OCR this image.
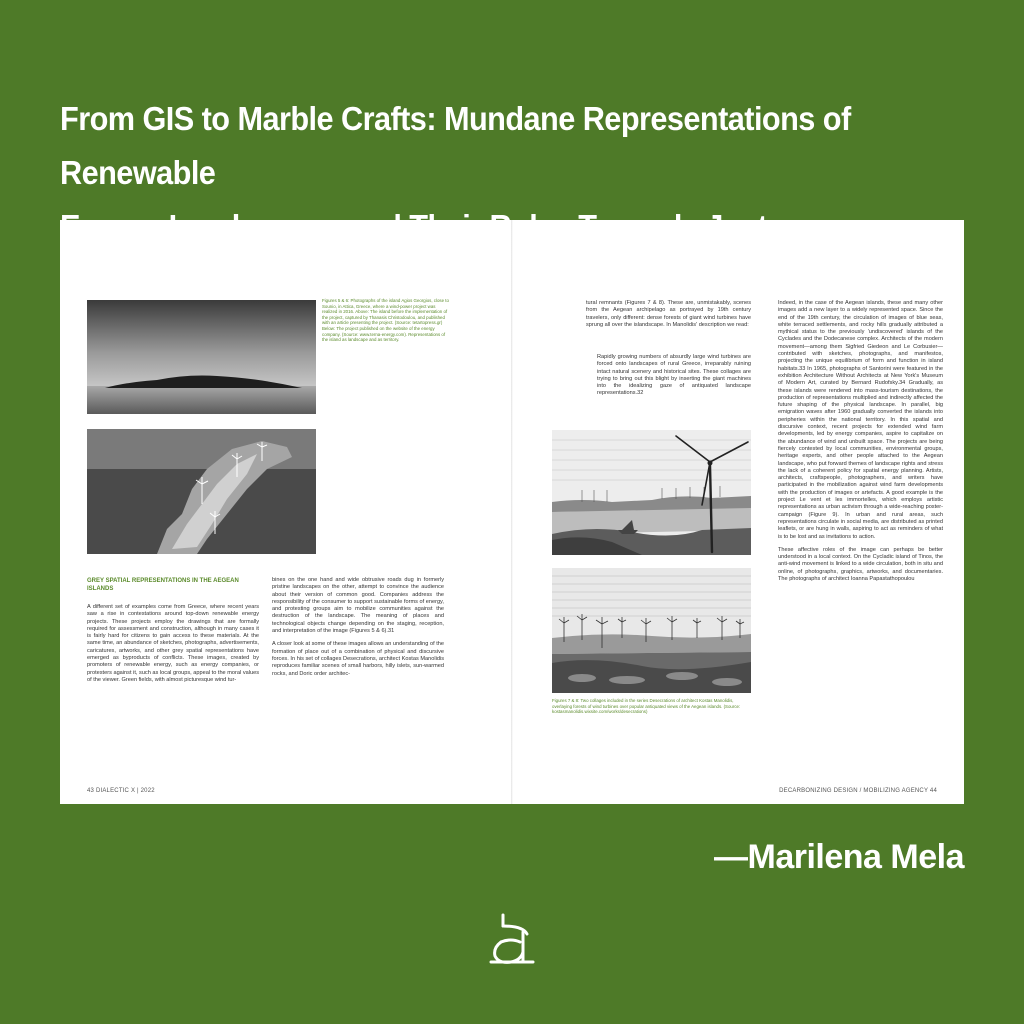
From GIS to Marble Crafts: Mundane Representations of Renewable
Figures 5 & 6: Photographs of the island Agios Georgios, close to Sounio, in Attica, Greece, where a wind-power project was realized in 2016. Above: The island before the implementation of the project, captured by Thanasis Christodoulou, and published with an article presenting the project. (Source: tetartopress.gr) Below: The project published on the website of the energy company. (Source: www.terna-energy.com). Representations of the island as landscape and as territory.
GREY SPATIAL REPRESENTATIONS IN THE AEGEAN ISLANDS
A different set of examples come from Greece, where recent years saw a rise in contestations around top-down renewable energy projects. These projects employ the drawings that are formally required for assessment and construction, although in many cases it is fairly hard for citizens to gain access to these materials. At the same time, an abundance of sketches, photographs, advertisements, caricatures, artworks, and other grey spatial representations have emerged as byproducts of conflicts. These images, created by promoters of renewable energy, such as energy companies, or protesters against it, such as local groups, appeal to the moral values of the viewer. Green fields, with almost picturesque wind tur-

bines on the one hand and wide obtrusive roads dug in formerly pristine landscapes on the other, attempt to convince the audience about their version of common good. Companies address the responsibility of the consumer to support sustainable forms of energy, and protesting groups aim to mobilize communities against the destruction of the landscape. The meaning of places and technological objects change depending on the staging, reception, and interpretation of the image (Figures 5 & 6).31

A closer look at some of these images allows an understanding of the formation of place out of a combination of physical and discursive forces. In his set of collages Desecrations, architect Kostas Manolidis reproduces familiar scenes of small harbors, hilly islets, sun-warmed rocks, and Doric order architec-

tural remnants (Figures 7 & 8). These are, unmistakably, scenes from the Aegean archipelago as portrayed by 19th century travelers, only different: dense forests of giant wind turbines have sprung all over the islandscape. In Manolidis' description we read:
Rapidly growing numbers of absurdly large wind turbines are forced onto landscapes of rural Greece, irreparably ruining intact natural scenery and historical sites. These collages are trying to bring out this blight by inserting the giant machines into the idealizing gaze of antiquated landscape representations.32
Figures 7 & 8: Two collages included in the series Desecrations of architect Kostas Manolidis, overlaying forests of wind turbines over popular antiquated views of the Aegean islands. (Source: kostasmanolidis.wixsite.com/works/desecrations)

Indeed, in the case of the Aegean islands, these and many other images add a new layer to a widely represented space. Since the end of the 19th century, the circulation of images of blue seas, white terraced settlements, and rocky hills gradually attributed a mythical status to the previously 'undiscovered' islands of the Cyclades and the Dodecanese complex. Architects of the modern movement—among them Sigfried Giedeon and Le Corbusier—contributed with sketches, photographs, and manifestos, projecting the unique equilibrium of form and function in island habitats.33 In 1965, photographs of Santorini were featured in the exhibition Architecture Without Architects at New York's Museum of Modern Art, curated by Bernard Rudofsky.34 Gradually, as these islands were rendered into mass-tourism destinations, the production of representations multiplied and indirectly affected the future shaping of the physical landscape. In parallel, big emigration waves after 1960 gradually converted the islands into peripheries within the national territory. In this spatial and discursive context, recent projects for extended wind farm developments, led by energy companies, aspire to capitalize on the abundance of wind and unbuilt space. The projects are being fiercely contested by local communities, environmental groups, heritage experts, and other people attached to the Aegean landscape, who put forward themes of landscape rights and stress the lack of a coherent policy for spatial energy planning. Artists, architects, craftspeople, photographers, and writers have participated in the mobilization against wind farm developments with the production of images or artefacts. A good example is the project Le vent et les immortelles, which employs artistic representations as urban activism through a wide-reaching poster-campaign (Figure 9). In urban and rural areas, such representations circulate in social media, are distributed as printed leaflets, or are hung in walls, aspiring to act as reminders of what is to be lost and as invitations to action.

These affective roles of the image can perhaps be better understood in a local context. On the Cycladic island of Tinos, the anti-wind movement is linked to a wide circulation, both in situ and online, of photographs, graphics, artworks, and documentaries. The photographs of architect Ioanna Papastathopoulou

43 DIALECTIC X | 2022	DECARBONIZING DESIGN / MOBILIZING AGENCY 44
—Marilena Mela
